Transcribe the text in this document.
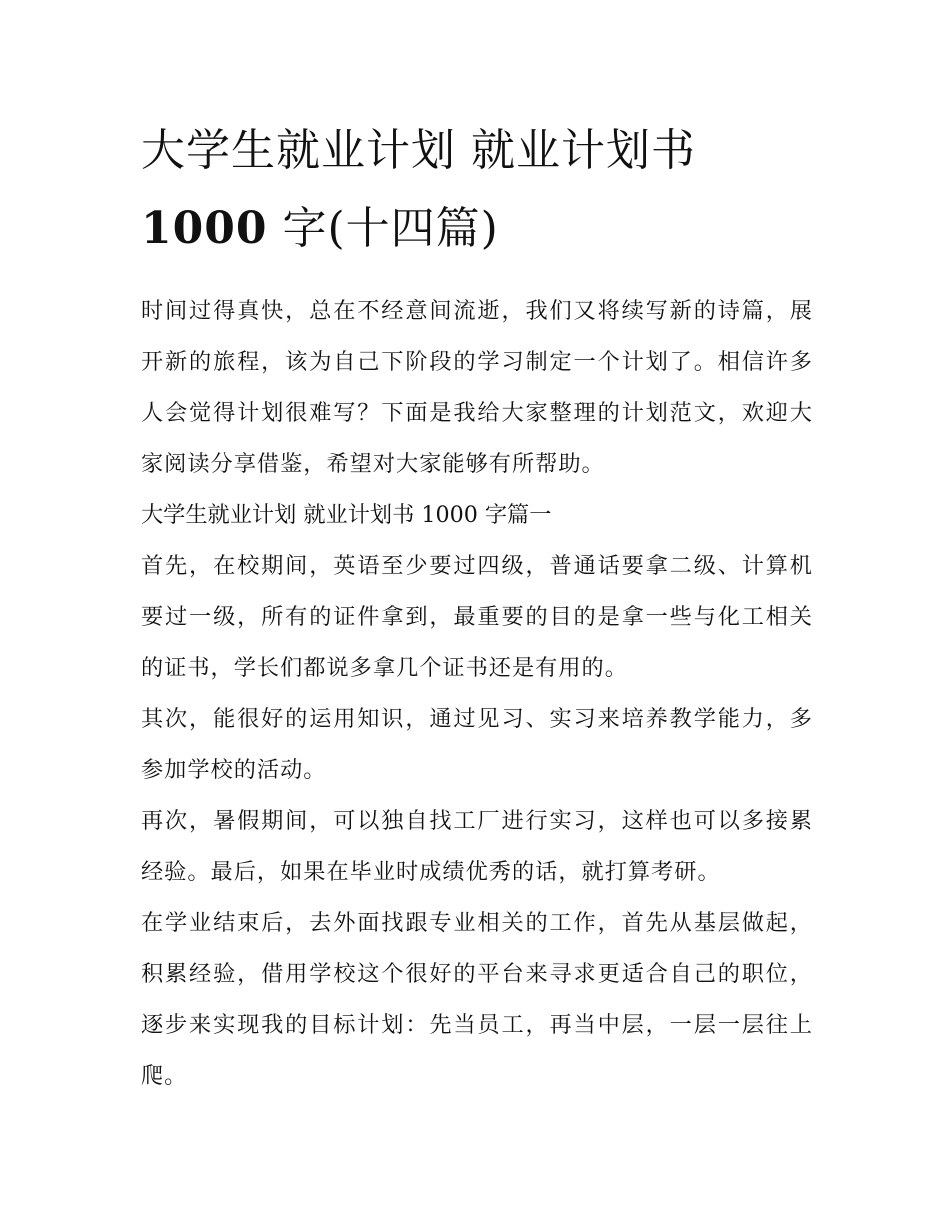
大学生就业计划 就业计划书
1000 字(十四篇)

时间过得真快，总在不经意间流逝，我们又将续写新的诗篇，展开新的旅程，该为自己下阶段的学习制定一个计划了。相信许多人会觉得计划很难写？下面是我给大家整理的计划范文，欢迎大家阅读分享借鉴，希望对大家能够有所帮助。

大学生就业计划 就业计划书 1000 字篇一

首先，在校期间，英语至少要过四级，普通话要拿二级、计算机要过一级，所有的证件拿到，最重要的目的是拿一些与化工相关的证书，学长们都说多拿几个证书还是有用的。

其次，能很好的运用知识，通过见习、实习来培养教学能力，多参加学校的活动。

再次，暑假期间，可以独自找工厂进行实习，这样也可以多接累经验。最后，如果在毕业时成绩优秀的话，就打算考研。

在学业结束后，去外面找跟专业相关的工作，首先从基层做起，积累经验，借用学校这个很好的平台来寻求更适合自己的职位，逐步来实现我的目标计划：先当员工，再当中层，一层一层往上爬。
